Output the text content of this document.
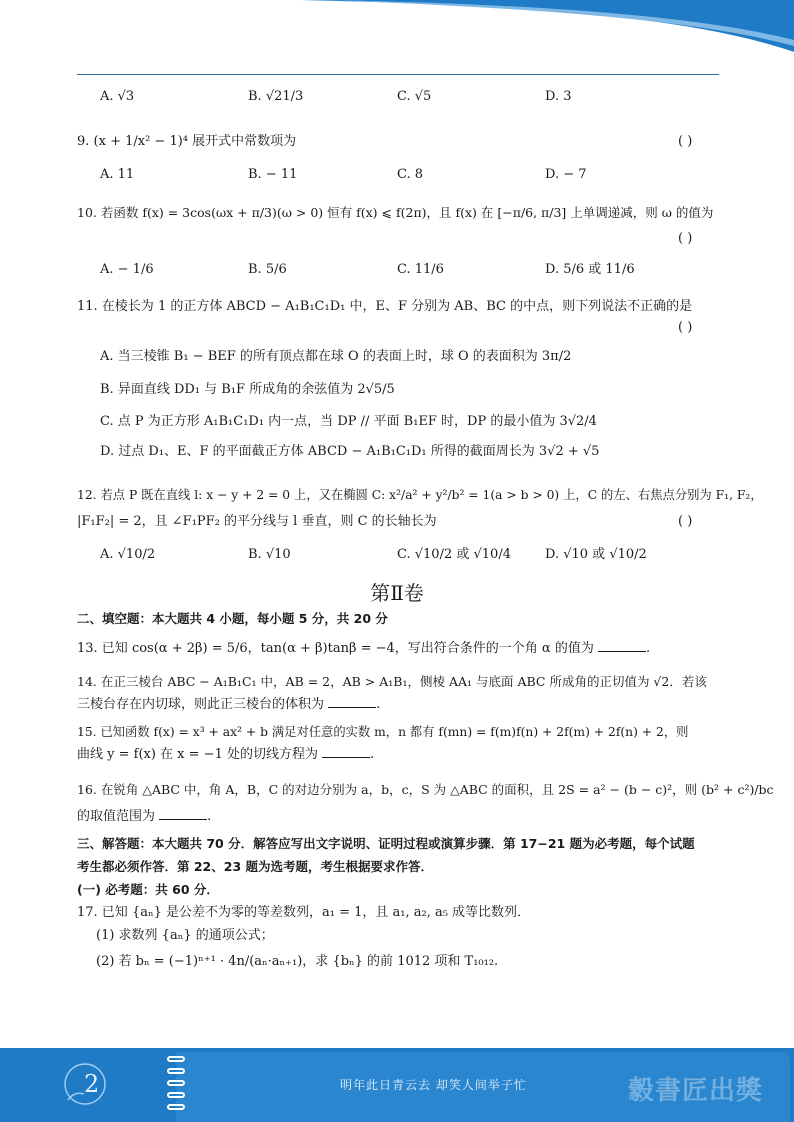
A. √3	B. √21/3	C. √5	D. 3
9. (x + 1/x² − 1)⁴ 展开式中常数项为	( )
A. 11	B. − 11	C. 8	D. − 7
10. 若函数 f(x) = 3cos(ωx + π/3)(ω > 0) 恒有 f(x) ⩽ f(2π)，且 f(x) 在 [−π/6, π/3] 上单调递减，则 ω 的值为
( )
A. − 1/6	B. 5/6	C. 11/6	D. 5/6 或 11/6
11. 在棱长为 1 的正方体 ABCD − A₁B₁C₁D₁ 中，E、F 分别为 AB、BC 的中点，则下列说法不正确的是
( )
A. 当三棱锥 B₁ − BEF 的所有顶点都在球 O 的表面上时，球 O 的表面积为 3π/2
B. 异面直线 DD₁ 与 B₁F 所成角的余弦值为 2√5/5
C. 点 P 为正方形 A₁B₁C₁D₁ 内一点，当 DP // 平面 B₁EF 时，DP 的最小值为 3√2/4
D. 过点 D₁、E、F 的平面截正方体 ABCD − A₁B₁C₁D₁ 所得的截面周长为 3√2 + √5
12. 若点 P 既在直线 l: x − y + 2 = 0 上，又在椭圆 C: x²/a² + y²/b² = 1(a > b > 0) 上，C 的左、右焦点分别为 F₁, F₂，
|F₁F₂| = 2，且 ∠F₁PF₂ 的平分线与 l 垂直，则 C 的长轴长为	( )
A. √10/2	B. √10	C. √10/2 或 √10/4	D. √10 或 √10/2
第Ⅱ卷
二、填空题：本大题共 4 小题，每小题 5 分，共 20 分
13. 已知 cos(α + 2β) = 5/6，tan(α + β)tanβ = −4，写出符合条件的一个角 α 的值为	.
14. 在正三棱台 ABC − A₁B₁C₁ 中，AB = 2，AB > A₁B₁，侧棱 AA₁ 与底面 ABC 所成角的正切值为 √2．若该
三棱台存在内切球，则此正三棱台的体积为	.
15. 已知函数 f(x) = x³ + ax² + b 满足对任意的实数 m，n 都有 f(mn) = f(m)f(n) + 2f(m) + 2f(n) + 2，则
曲线 y = f(x) 在 x = −1 处的切线方程为	.
16. 在锐角 △ABC 中，角 A，B，C 的对边分别为 a，b，c，S 为 △ABC 的面积，且 2S = a² − (b − c)²，则 (b² + c²)/bc
的取值范围为	.
三、解答题：本大题共 70 分．解答应写出文字说明、证明过程或演算步骤．第 17−21 题为必考题，每个试题
考生都必须作答．第 22、23 题为选考题，考生根据要求作答．
(一) 必考题：共 60 分．
17. 已知 {aₙ} 是公差不为零的等差数列，a₁ = 1，且 a₁, a₂, a₅ 成等比数列．
(1) 求数列 {aₙ} 的通项公式；
(2) 若 bₙ = (−1)ⁿ⁺¹ · 4n/(aₙ·aₙ₊₁)，求 {bₙ} 的前 1012 项和 T₁₀₁₂.
2	明年此日青云去 却笑人间举子忙	豰書匠出獎
